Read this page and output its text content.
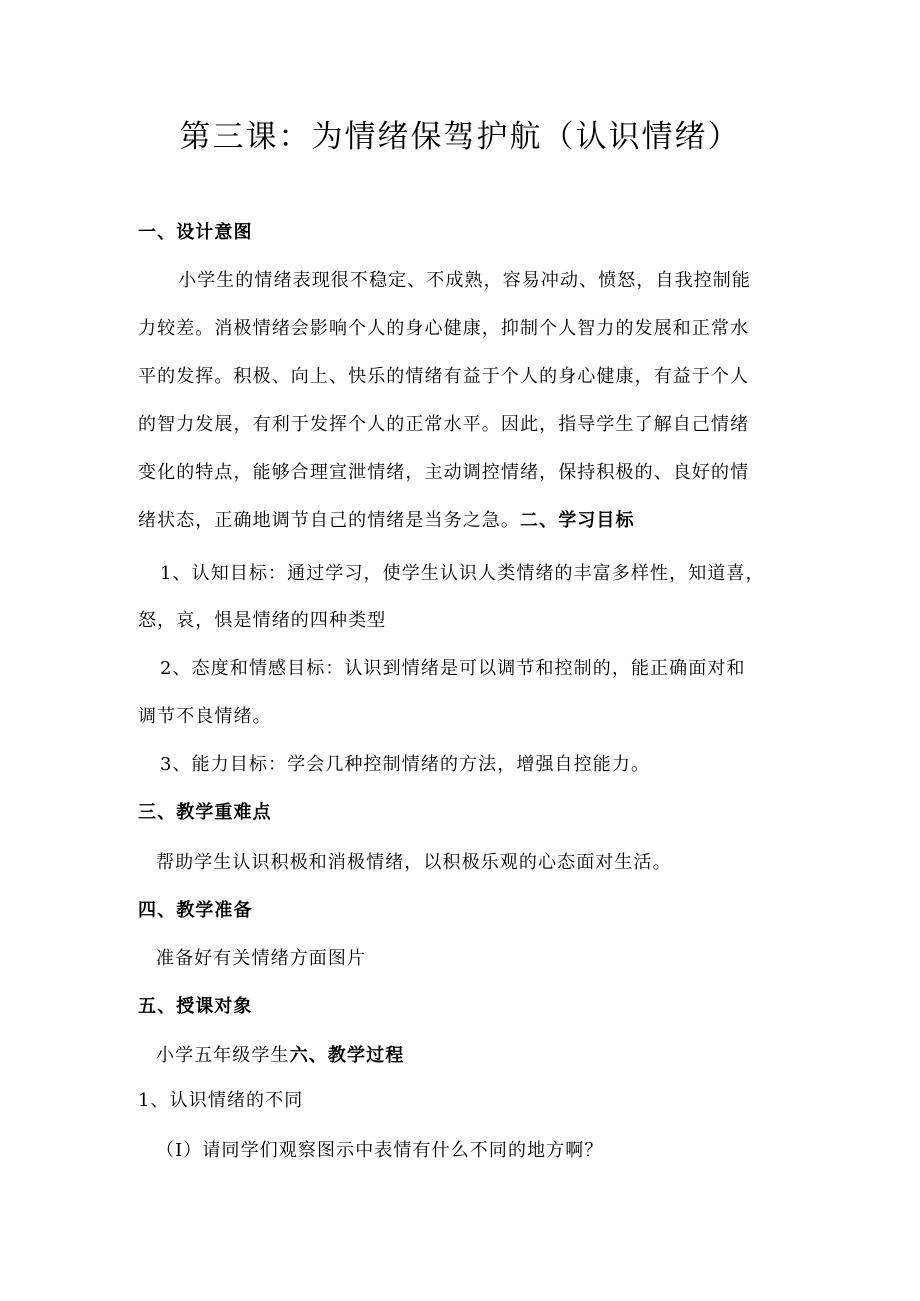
第三课：为情绪保驾护航（认识情绪）
一、设计意图
小学生的情绪表现很不稳定、不成熟，容易冲动、愤怒，自我控制能
力较差。消极情绪会影响个人的身心健康，抑制个人智力的发展和正常水
平的发挥。积极、向上、快乐的情绪有益于个人的身心健康，有益于个人
的智力发展，有利于发挥个人的正常水平。因此，指导学生了解自己情绪
变化的特点，能够合理宣泄情绪，主动调控情绪，保持积极的、良好的情
绪状态，正确地调节自己的情绪是当务之急。二、学习目标
1、认知目标：通过学习，使学生认识人类情绪的丰富多样性，知道喜，
怒，哀，惧是情绪的四种类型
2、态度和情感目标：认识到情绪是可以调节和控制的，能正确面对和
调节不良情绪。
3、能力目标：学会几种控制情绪的方法，增强自控能力。
三、教学重难点
帮助学生认识积极和消极情绪，以积极乐观的心态面对生活。
四、教学准备
准备好有关情绪方面图片
五、授课对象
小学五年级学生六、教学过程
1、认识情绪的不同
（I）请同学们观察图示中表情有什么不同的地方啊？
